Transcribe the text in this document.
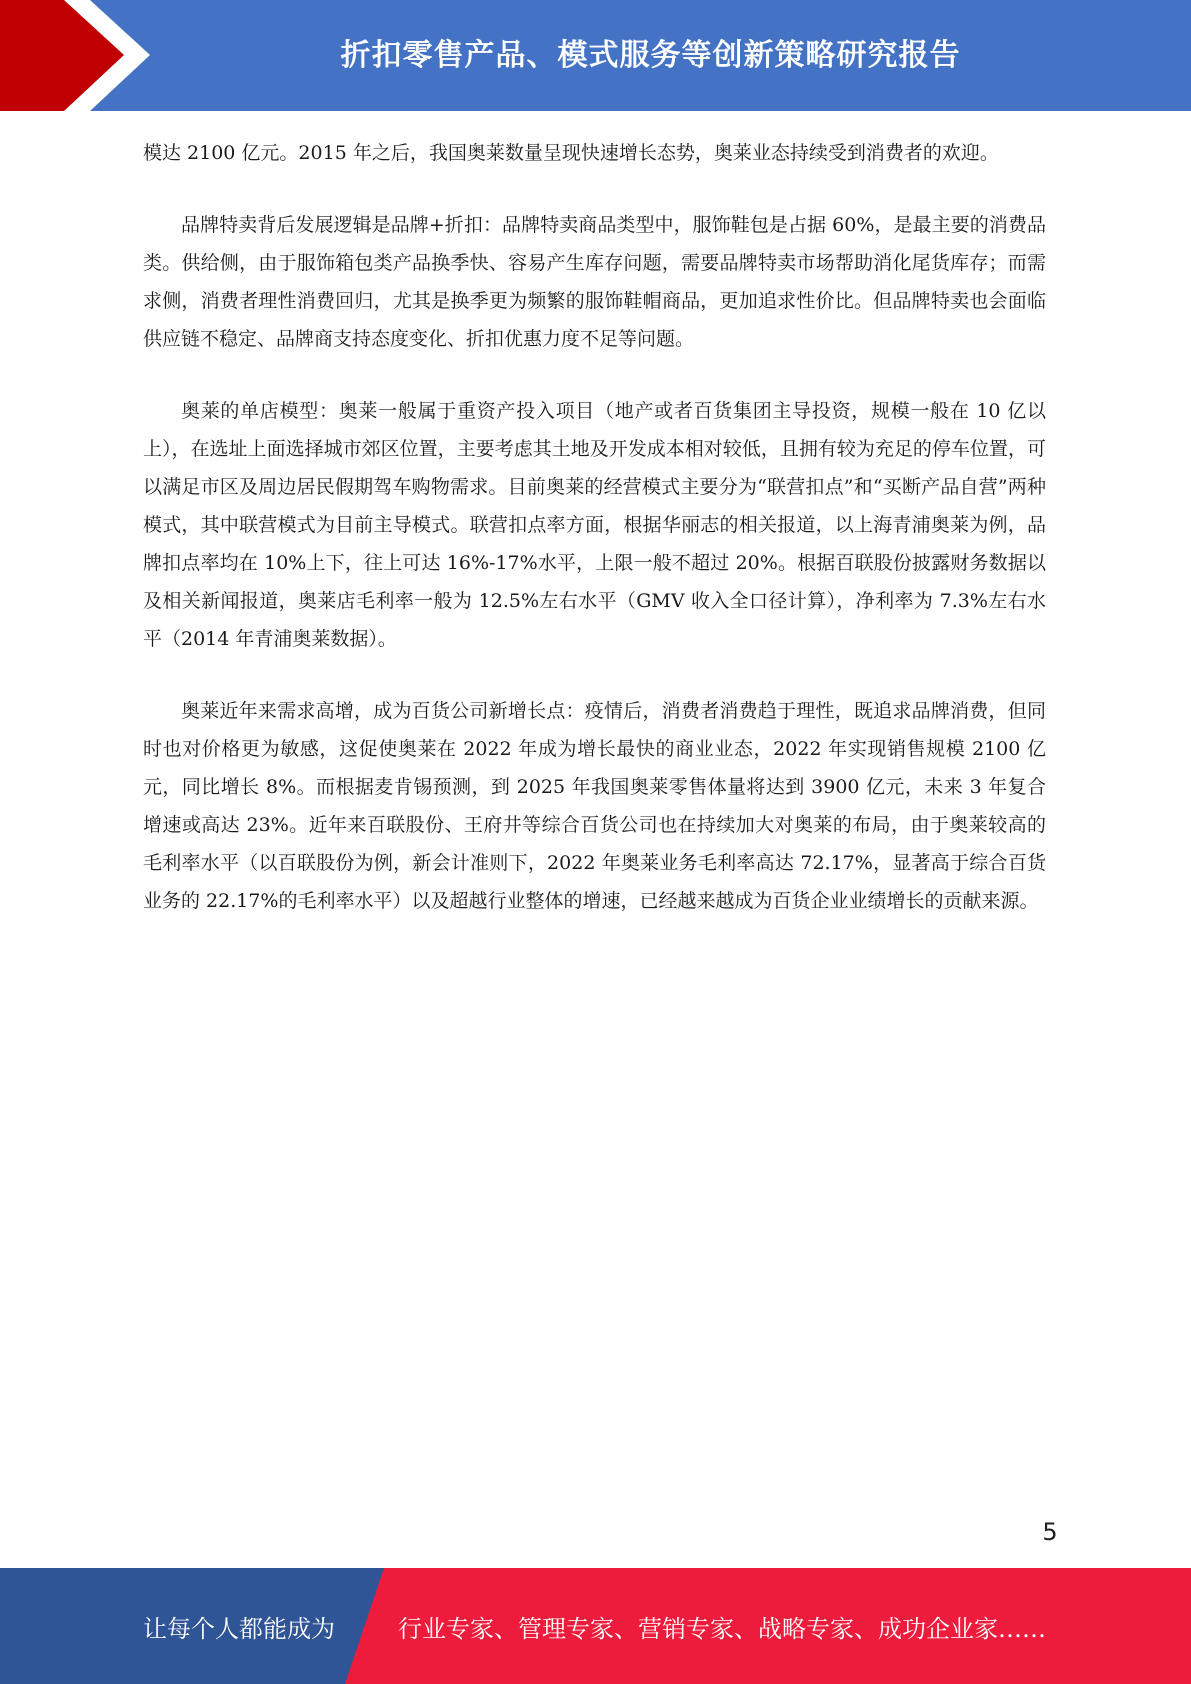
折扣零售产品、模式服务等创新策略研究报告

模达 2100 亿元。2015 年之后，我国奥莱数量呈现快速增长态势，奥莱业态持续受到消费者的欢迎。

品牌特卖背后发展逻辑是品牌+折扣：品牌特卖商品类型中，服饰鞋包是占据 60%，是最主要的消费品类。供给侧，由于服饰箱包类产品换季快、容易产生库存问题，需要品牌特卖市场帮助消化尾货库存；而需求侧，消费者理性消费回归，尤其是换季更为频繁的服饰鞋帽商品，更加追求性价比。但品牌特卖也会面临供应链不稳定、品牌商支持态度变化、折扣优惠力度不足等问题。

奥莱的单店模型：奥莱一般属于重资产投入项目（地产或者百货集团主导投资，规模一般在 10 亿以上），在选址上面选择城市郊区位置，主要考虑其土地及开发成本相对较低，且拥有较为充足的停车位置，可以满足市区及周边居民假期驾车购物需求。目前奥莱的经营模式主要分为“联营扣点”和“买断产品自营”两种模式，其中联营模式为目前主导模式。联营扣点率方面，根据华丽志的相关报道，以上海青浦奥莱为例，品牌扣点率均在 10%上下，往上可达 16%-17%水平，上限一般不超过 20%。根据百联股份披露财务数据以及相关新闻报道，奥莱店毛利率一般为 12.5%左右水平（GMV 收入全口径计算），净利率为 7.3%左右水平（2014 年青浦奥莱数据）。

奥莱近年来需求高增，成为百货公司新增长点：疫情后，消费者消费趋于理性，既追求品牌消费，但同时也对价格更为敏感，这促使奥莱在 2022 年成为增长最快的商业业态，2022 年实现销售规模 2100 亿元，同比增长 8%。而根据麦肯锡预测，到 2025 年我国奥莱零售体量将达到 3900 亿元，未来 3 年复合增速或高达 23%。近年来百联股份、王府井等综合百货公司也在持续加大对奥莱的布局，由于奥莱较高的毛利率水平（以百联股份为例，新会计准则下，2022 年奥莱业务毛利率高达 72.17%，显著高于综合百货业务的 22.17%的毛利率水平）以及超越行业整体的增速，已经越来越成为百货企业业绩增长的贡献来源。

5
让每个人都能成为	行业专家、管理专家、营销专家、战略专家、成功企业家……
